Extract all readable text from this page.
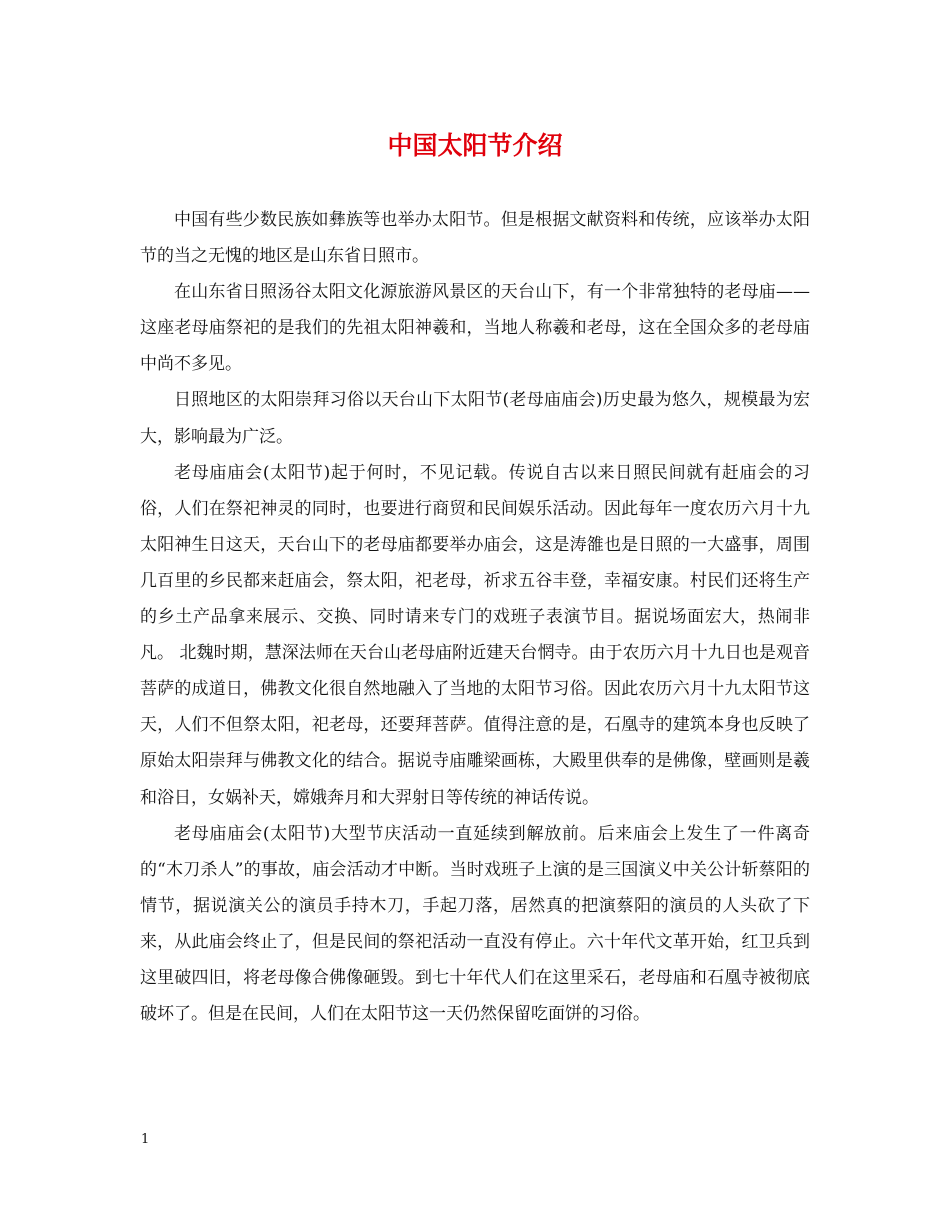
中国太阳节介绍

中国有些少数民族如彝族等也举办太阳节。但是根据文献资料和传统，应该举办太阳节的当之无愧的地区是山东省日照市。

在山东省日照汤谷太阳文化源旅游风景区的天台山下，有一个非常独特的老母庙——这座老母庙祭祀的是我们的先祖太阳神羲和，当地人称羲和老母，这在全国众多的老母庙中尚不多见。

日照地区的太阳崇拜习俗以天台山下太阳节(老母庙庙会)历史最为悠久，规模最为宏大，影响最为广泛。

老母庙庙会(太阳节)起于何时，不见记载。传说自古以来日照民间就有赶庙会的习俗，人们在祭祀神灵的同时，也要进行商贸和民间娱乐活动。因此每年一度农历六月十九太阳神生日这天，天台山下的老母庙都要举办庙会，这是涛雒也是日照的一大盛事，周围几百里的乡民都来赶庙会，祭太阳，祀老母，祈求五谷丰登，幸福安康。村民们还将生产的乡土产品拿来展示、交换、同时请来专门的戏班子表演节目。据说场面宏大，热闹非凡。 北魏时期，慧深法师在天台山老母庙附近建天台惘寺。由于农历六月十九日也是观音菩萨的成道日，佛教文化很自然地融入了当地的太阳节习俗。因此农历六月十九太阳节这天，人们不但祭太阳，祀老母，还要拜菩萨。值得注意的是，石凰寺的建筑本身也反映了原始太阳崇拜与佛教文化的结合。据说寺庙雕梁画栋，大殿里供奉的是佛像，壁画则是羲和浴日，女娲补天，嫦娥奔月和大羿射日等传统的神话传说。

老母庙庙会(太阳节)大型节庆活动一直延续到解放前。后来庙会上发生了一件离奇的“木刀杀人”的事故，庙会活动才中断。当时戏班子上演的是三国演义中关公计斩蔡阳的情节，据说演关公的演员手持木刀，手起刀落，居然真的把演蔡阳的演员的人头砍了下来，从此庙会终止了，但是民间的祭祀活动一直没有停止。六十年代文革开始，红卫兵到这里破四旧，将老母像合佛像砸毁。到七十年代人们在这里采石，老母庙和石凰寺被彻底破坏了。但是在民间，人们在太阳节这一天仍然保留吃面饼的习俗。

1
